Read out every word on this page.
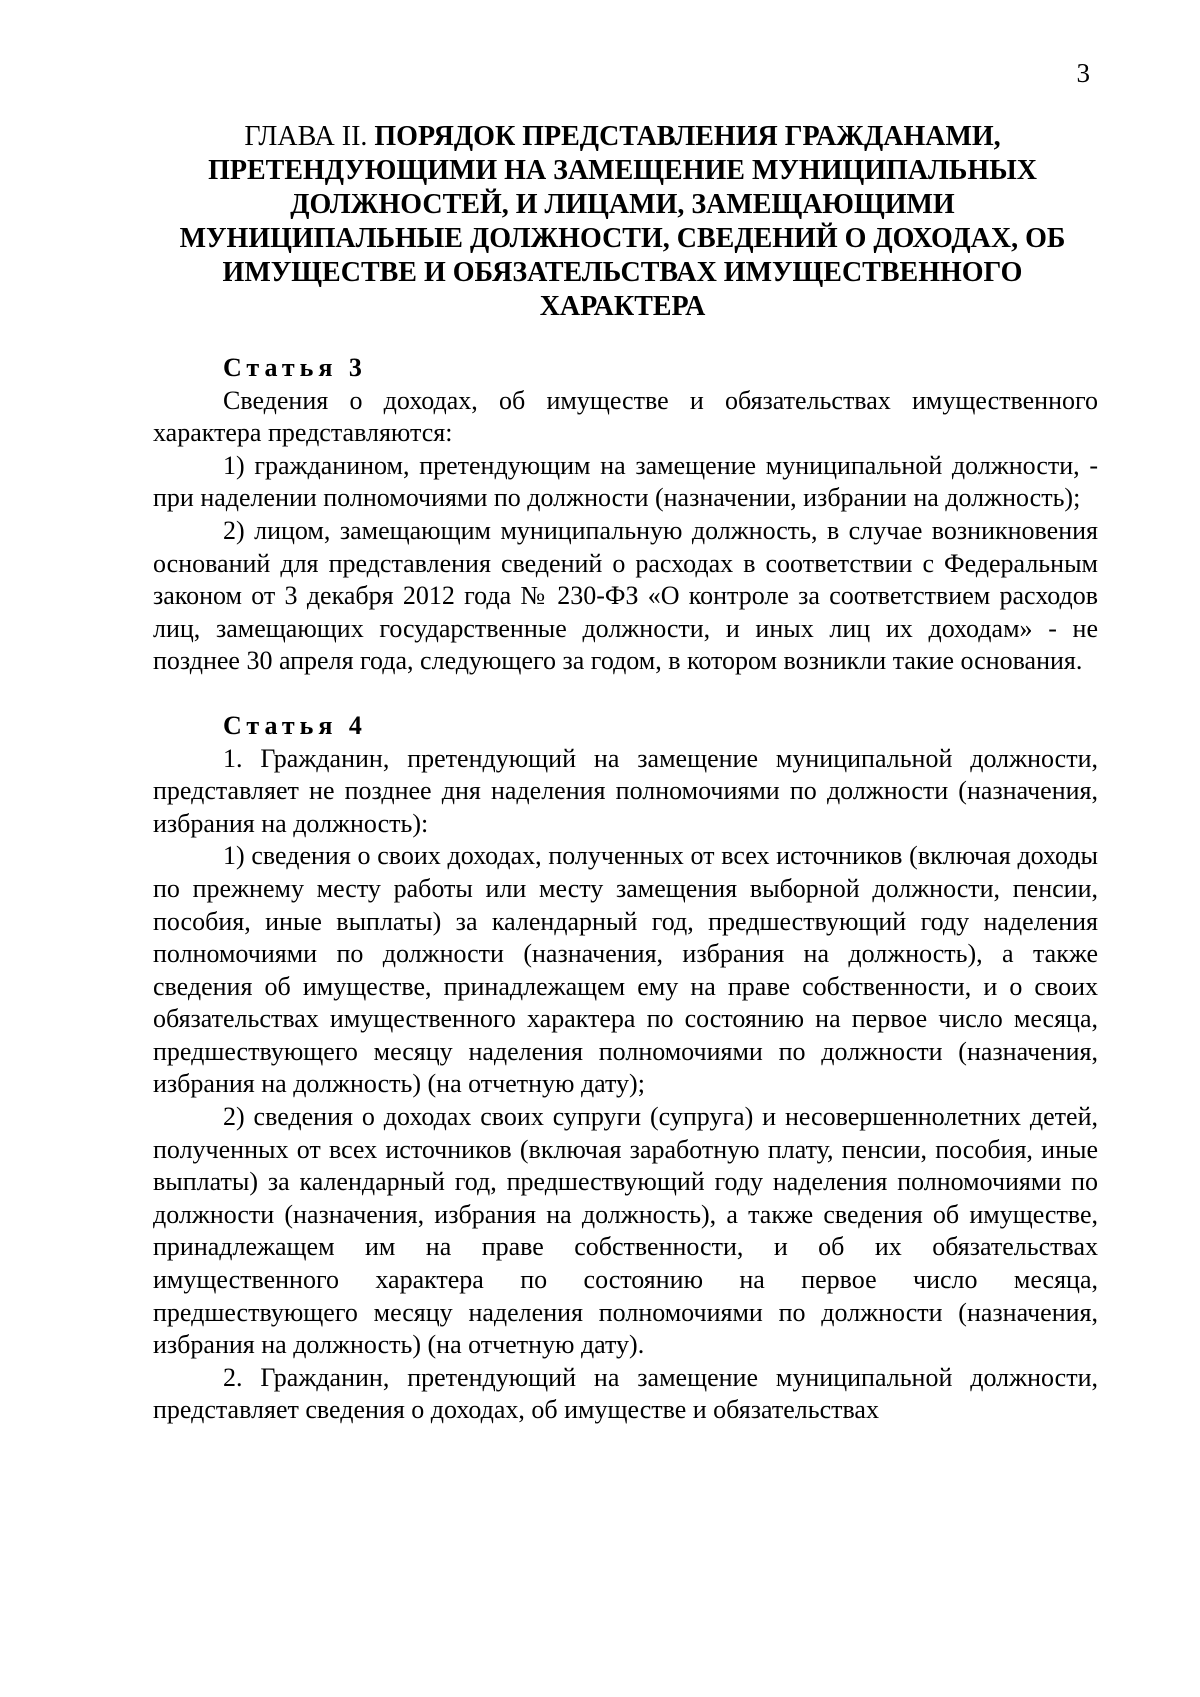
3
ГЛАВА II. ПОРЯДОК ПРЕДСТАВЛЕНИЯ ГРАЖДАНАМИ, ПРЕТЕНДУЮЩИМИ НА ЗАМЕЩЕНИЕ МУНИЦИПАЛЬНЫХ ДОЛЖНОСТЕЙ, И ЛИЦАМИ, ЗАМЕЩАЮЩИМИ МУНИЦИПАЛЬНЫЕ ДОЛЖНОСТИ, СВЕДЕНИЙ О ДОХОДАХ, ОБ ИМУЩЕСТВЕ И ОБЯЗАТЕЛЬСТВАХ ИМУЩЕСТВЕННОГО ХАРАКТЕРА
Статья 3

Сведения о доходах, об имуществе и обязательствах имущественного характера представляются:

1) гражданином, претендующим на замещение муниципальной должности, - при наделении полномочиями по должности (назначении, избрании на должность);

2) лицом, замещающим муниципальную должность, в случае возникновения оснований для представления сведений о расходах в соответствии с Федеральным законом от 3 декабря 2012 года № 230-ФЗ «О контроле за соответствием расходов лиц, замещающих государственные должности, и иных лиц их доходам» - не позднее 30 апреля года, следующего за годом, в котором возникли такие основания.

Статья 4

1. Гражданин, претендующий на замещение муниципальной должности, представляет не позднее дня наделения полномочиями по должности (назначения, избрания на должность):

1) сведения о своих доходах, полученных от всех источников (включая доходы по прежнему месту работы или месту замещения выборной должности, пенсии, пособия, иные выплаты) за календарный год, предшествующий году наделения полномочиями по должности (назначения, избрания на должность), а также сведения об имуществе, принадлежащем ему на праве собственности, и о своих обязательствах имущественного характера по состоянию на первое число месяца, предшествующего месяцу наделения полномочиями по должности (назначения, избрания на должность) (на отчетную дату);

2) сведения о доходах своих супруги (супруга) и несовершеннолетних детей, полученных от всех источников (включая заработную плату, пенсии, пособия, иные выплаты) за календарный год, предшествующий году наделения полномочиями по должности (назначения, избрания на должность), а также сведения об имуществе, принадлежащем им на праве собственности, и об их обязательствах имущественного характера по состоянию на первое число месяца, предшествующего месяцу наделения полномочиями по должности (назначения, избрания на должность) (на отчетную дату).

2. Гражданин, претендующий на замещение муниципальной должности, представляет сведения о доходах, об имуществе и обязательствах
